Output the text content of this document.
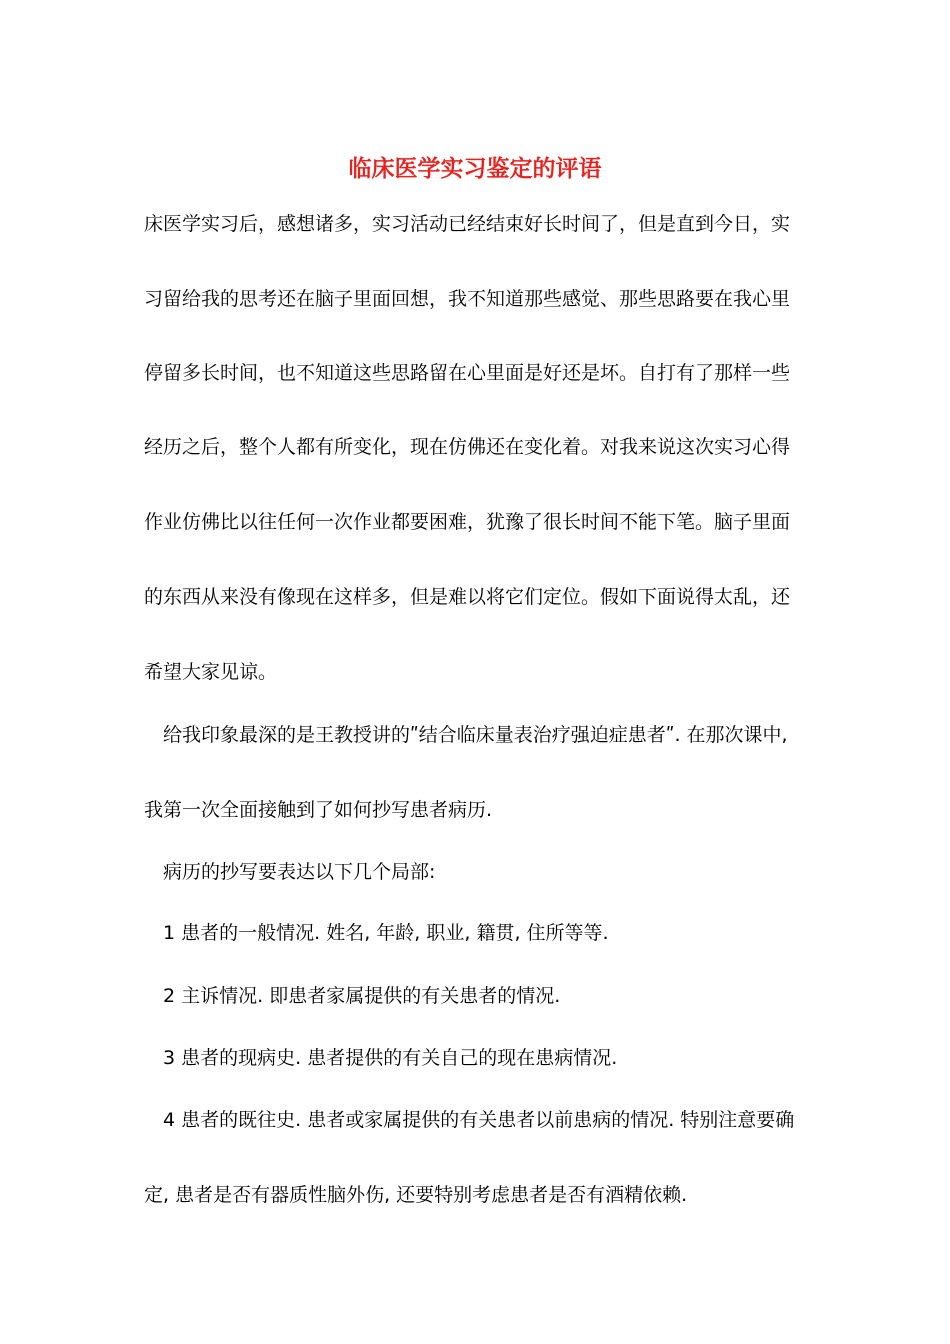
临床医学实习鉴定的评语

床医学实习后，感想诸多，实习活动已经结束好长时间了，但是直到今日，实

习留给我的思考还在脑子里面回想，我不知道那些感觉、那些思路要在我心里

停留多长时间，也不知道这些思路留在心里面是好还是坏。自打有了那样一些

经历之后，整个人都有所变化，现在仿佛还在变化着。对我来说这次实习心得

作业仿佛比以往任何一次作业都要困难，犹豫了很长时间不能下笔。脑子里面

的东西从来没有像现在这样多，但是难以将它们定位。假如下面说得太乱，还

希望大家见谅。

给我印象最深的是王教授讲的ʺ结合临床量表治疗强迫症患者ʺ. 在那次课中,

我第一次全面接触到了如何抄写患者病历.

病历的抄写要表达以下几个局部:

1 患者的一般情况. 姓名, 年龄, 职业, 籍贯, 住所等等.

2 主诉情况. 即患者家属提供的有关患者的情况.

3 患者的现病史. 患者提供的有关自己的现在患病情况.

4 患者的既往史. 患者或家属提供的有关患者以前患病的情况. 特别注意要确

定, 患者是否有器质性脑外伤, 还要特别考虑患者是否有酒精依赖.
